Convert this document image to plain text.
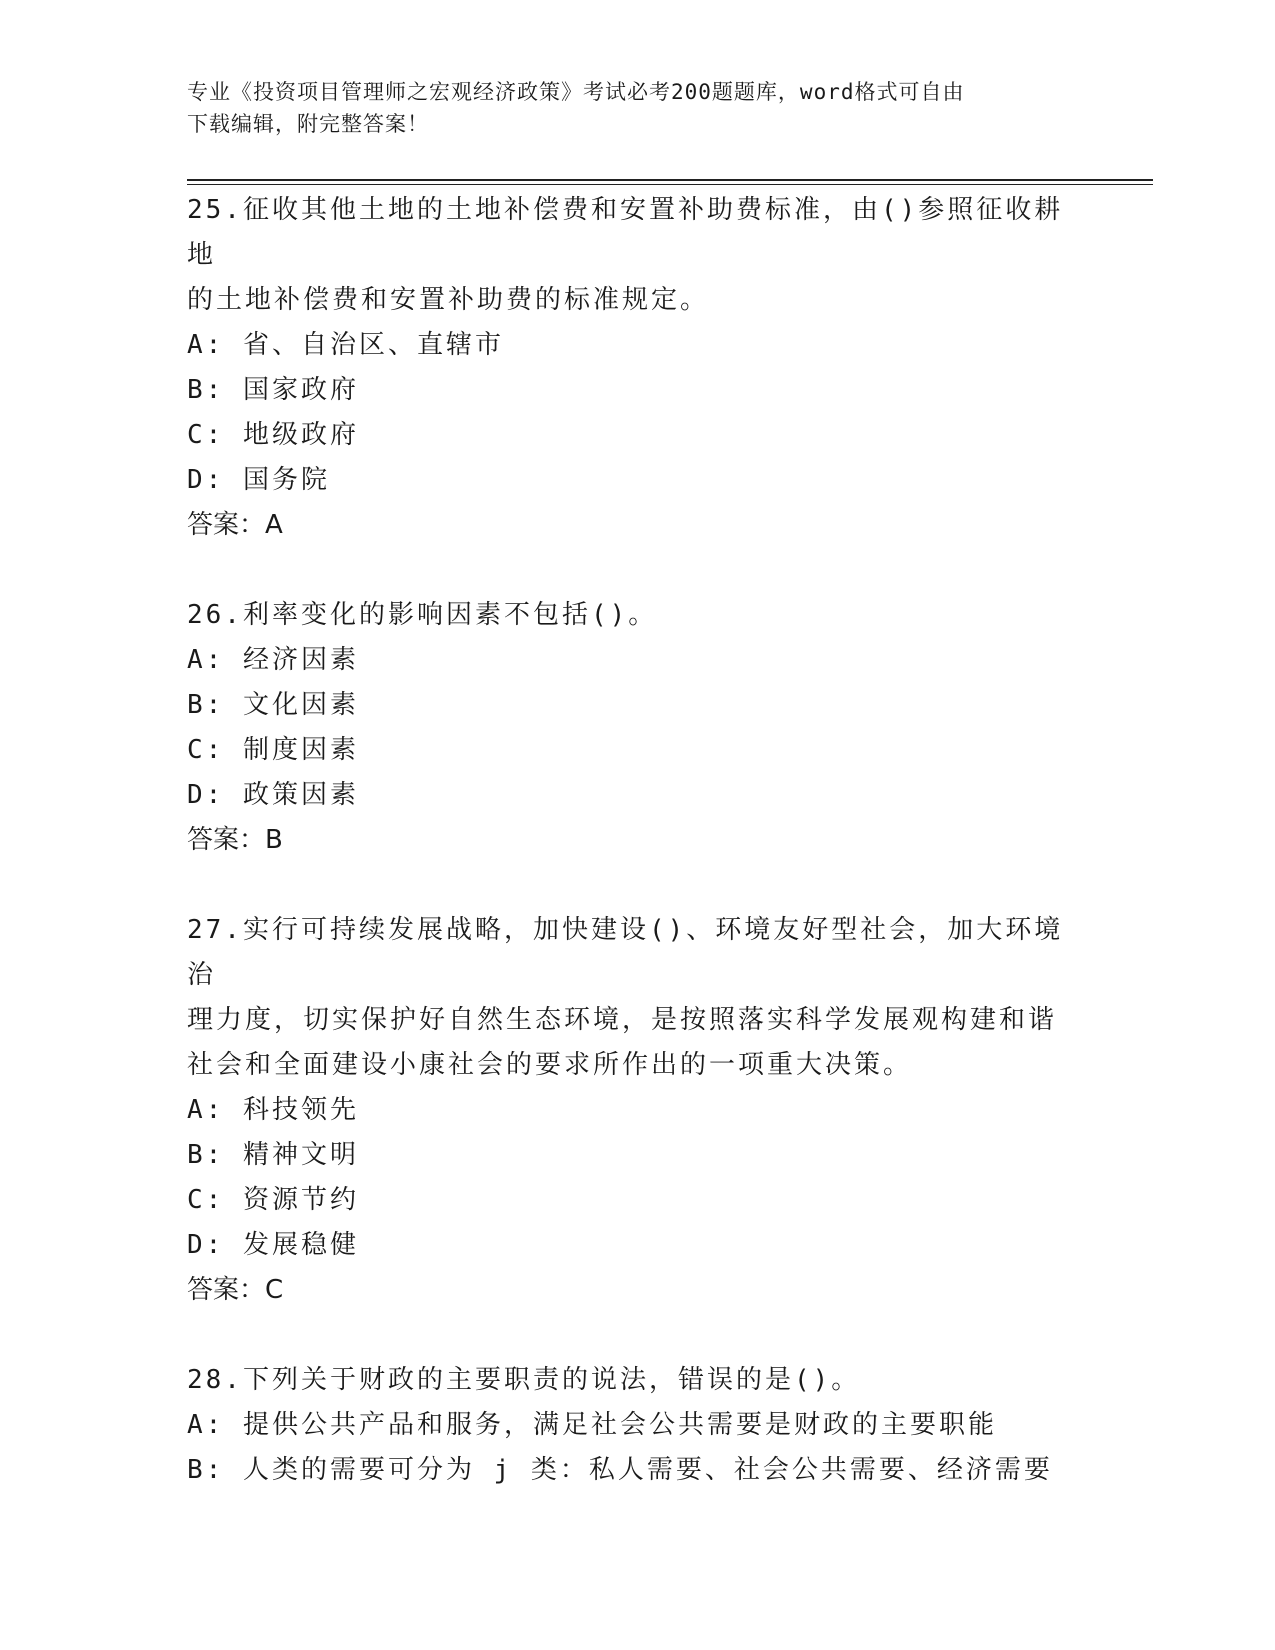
专业《投资项目管理师之宏观经济政策》考试必考200题题库，word格式可自由
下载编辑，附完整答案！
25.征收其他土地的土地补偿费和安置补助费标准，由()参照征收耕地
的土地补偿费和安置补助费的标准规定。
A: 省、自治区、直辖市
B: 国家政府
C: 地级政府
D: 国务院
答案：A
26.利率变化的影响因素不包括()。
A: 经济因素
B: 文化因素
C: 制度因素
D: 政策因素
答案：B
27.实行可持续发展战略，加快建设()、环境友好型社会，加大环境治
理力度，切实保护好自然生态环境，是按照落实科学发展观构建和谐
社会和全面建设小康社会的要求所作出的一项重大决策。
A: 科技领先
B: 精神文明
C: 资源节约
D: 发展稳健
答案：C
28.下列关于财政的主要职责的说法，错误的是()。
A: 提供公共产品和服务，满足社会公共需要是财政的主要职能
B: 人类的需要可分为 j 类：私人需要、社会公共需要、经济需要
